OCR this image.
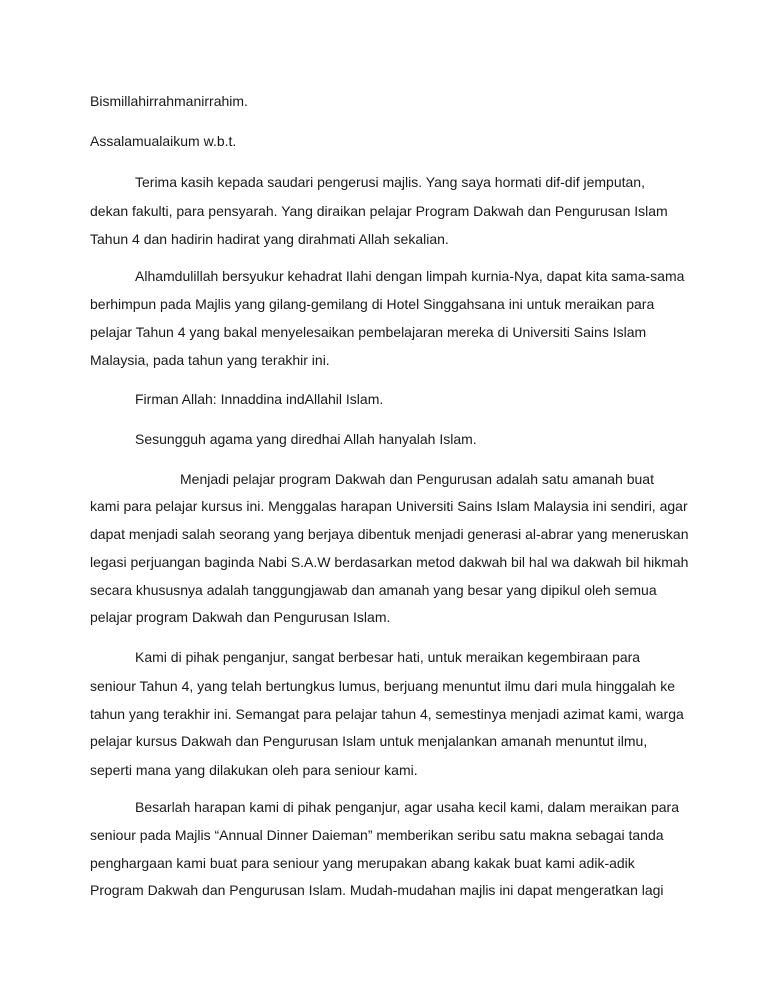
Bismillahirrahmanirrahim.
Assalamualaikum w.b.t.
Terima kasih kepada saudari pengerusi majlis. Yang saya hormati dif-dif jemputan,
dekan fakulti, para pensyarah. Yang diraikan pelajar Program Dakwah dan Pengurusan Islam
Tahun 4 dan hadirin hadirat yang dirahmati Allah sekalian.
Alhamdulillah bersyukur kehadrat Ilahi dengan limpah kurnia-Nya, dapat kita sama-sama
berhimpun pada Majlis yang gilang-gemilang di Hotel Singgahsana ini untuk meraikan para
pelajar Tahun 4 yang bakal menyelesaikan pembelajaran mereka di Universiti Sains Islam
Malaysia, pada tahun yang terakhir ini.
Firman Allah: Innaddina indAllahil Islam.
Sesungguh agama yang diredhai Allah hanyalah Islam.
Menjadi pelajar program Dakwah dan Pengurusan adalah satu amanah buat
kami para pelajar kursus ini. Menggalas harapan Universiti Sains Islam Malaysia ini sendiri, agar
dapat menjadi salah seorang yang berjaya dibentuk menjadi generasi al-abrar yang meneruskan
legasi perjuangan baginda Nabi S.A.W berdasarkan metod dakwah bil hal wa dakwah bil hikmah
secara khususnya adalah tanggungjawab dan amanah yang besar yang dipikul oleh semua
pelajar program Dakwah dan Pengurusan Islam.
Kami di pihak penganjur, sangat berbesar hati, untuk meraikan kegembiraan para
seniour Tahun 4, yang telah bertungkus lumus, berjuang menuntut ilmu dari mula hinggalah ke
tahun yang terakhir ini. Semangat para pelajar tahun 4, semestinya menjadi azimat kami, warga
pelajar kursus Dakwah dan Pengurusan Islam untuk menjalankan amanah menuntut ilmu,
seperti mana yang dilakukan oleh para seniour kami.
Besarlah harapan kami di pihak penganjur, agar usaha kecil kami, dalam meraikan para
seniour pada Majlis “Annual Dinner Daieman” memberikan seribu satu makna sebagai tanda
penghargaan kami buat para seniour yang merupakan abang kakak buat kami adik-adik
Program Dakwah dan Pengurusan Islam. Mudah-mudahan majlis ini dapat mengeratkan lagi
